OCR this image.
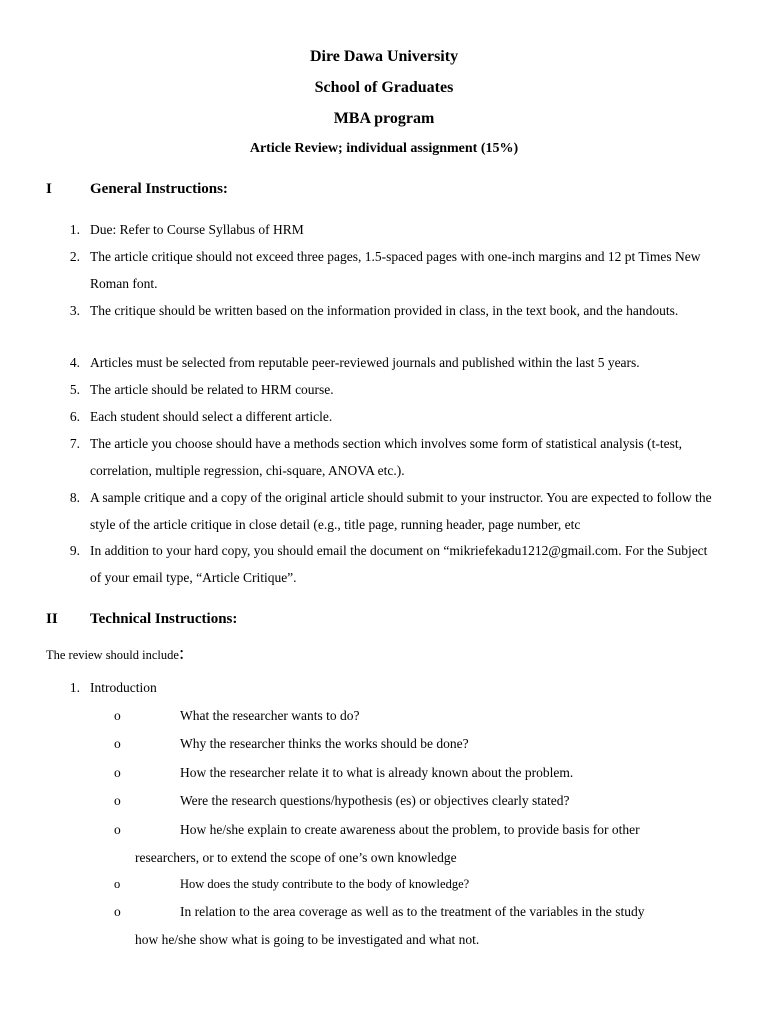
Dire Dawa University

School of Graduates

MBA program

Article Review; individual assignment (15%)

I	General Instructions:
1. Due: Refer to Course Syllabus of HRM
2. The article critique should not exceed three pages, 1.5-spaced pages with one-inch margins and 12 pt Times New Roman font.
3. The critique should be written based on the information provided in class, in the text book, and the handouts.
4. Articles must be selected from reputable peer-reviewed journals and published within the last 5 years.
5. The article should be related to HRM course.
6. Each student should select a different article.
7. The article you choose should have a methods section which involves some form of statistical analysis (t-test, correlation, multiple regression, chi-square, ANOVA etc.).
8. A sample critique and a copy of the original article should submit to your instructor. You are expected to follow the style of the article critique in close detail (e.g., title page, running header, page number, etc
9. In addition to your hard copy, you should email the document on “mikriefekadu1212@gmail.com. For the Subject of your email type, “Article Critique”.
II Technical Instructions:

The review should include:

1. Introduction
o	What the researcher wants to do?
o	Why the researcher thinks the works should be done?
o	How the researcher relate it to what is already known about the problem.
o	Were the research questions/hypothesis (es) or objectives clearly stated?
o	How he/she explain to create awareness about the problem, to provide basis for other
researchers, or to extend the scope of one’s own knowledge
o	How does the study contribute to the body of knowledge?
o	In relation to the area coverage as well as to the treatment of the variables in the study
how he/she show what is going to be investigated and what not.
